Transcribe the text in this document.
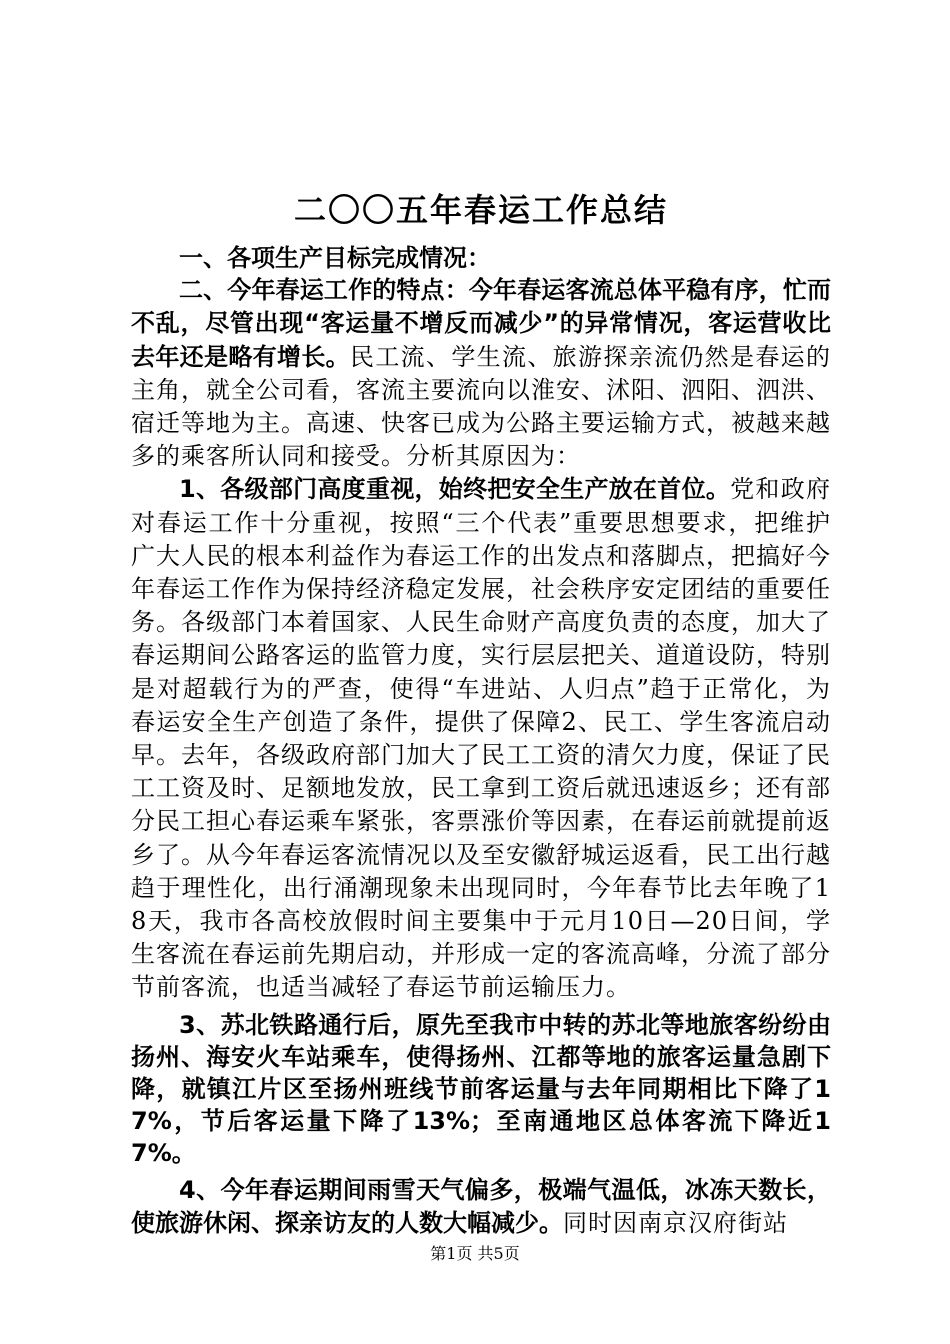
二〇〇五年春运工作总结

一、各项生产目标完成情况：

二、今年春运工作的特点：今年春运客流总体平稳有序，忙而不乱，尽管出现“客运量不增反而减少”的异常情况，客运营收比去年还是略有增长。民工流、学生流、旅游探亲流仍然是春运的主角，就全公司看，客流主要流向以淮安、沭阳、泗阳、泗洪、宿迁等地为主。高速、快客已成为公路主要运输方式，被越来越多的乘客所认同和接受。分析其原因为：

1、各级部门高度重视，始终把安全生产放在首位。党和政府对春运工作十分重视，按照“三个代表”重要思想要求，把维护广大人民的根本利益作为春运工作的出发点和落脚点，把搞好今年春运工作作为保持经济稳定发展，社会秩序安定团结的重要任务。各级部门本着国家、人民生命财产高度负责的态度，加大了春运期间公路客运的监管力度，实行层层把关、道道设防，特别是对超载行为的严查，使得“车进站、人归点”趋于正常化，为春运安全生产创造了条件，提供了保障2、民工、学生客流启动早。去年，各级政府部门加大了民工工资的清欠力度，保证了民工工资及时、足额地发放，民工拿到工资后就迅速返乡；还有部分民工担心春运乘车紧张，客票涨价等因素，在春运前就提前返乡了。从今年春运客流情况以及至安徽舒城运返看，民工出行越趋于理性化，出行涌潮现象未出现同时，今年春节比去年晚了18天，我市各高校放假时间主要集中于元月10日—20日间，学生客流在春运前先期启动，并形成一定的客流高峰，分流了部分节前客流，也适当减轻了春运节前运输压力。

3、苏北铁路通行后，原先至我市中转的苏北等地旅客纷纷由扬州、海安火车站乘车，使得扬州、江都等地的旅客运量急剧下降，就镇江片区至扬州班线节前客运量与去年同期相比下降了17%，节后客运量下降了13%；至南通地区总体客流下降近17%。

4、今年春运期间雨雪天气偏多，极端气温低，冰冻天数长，使旅游休闲、探亲访友的人数大幅减少。同时因南京汉府街站

第1页 共5页
